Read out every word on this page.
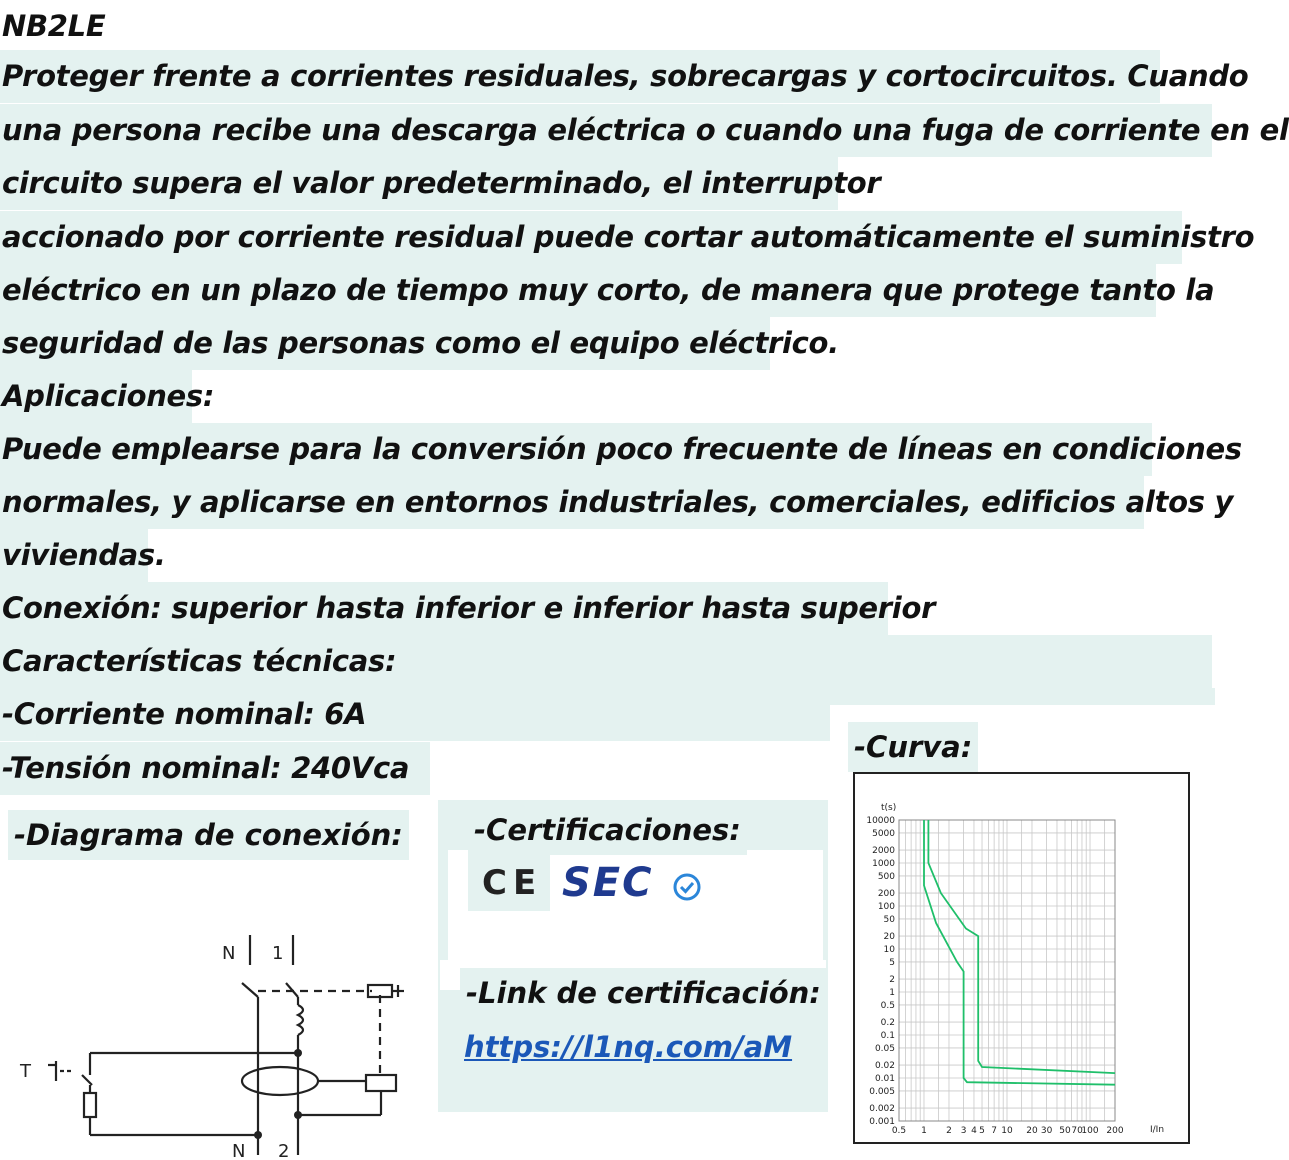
NB2LE

Proteger frente a corrientes residuales, sobrecargas y cortocircuitos. Cuando

una persona recibe una descarga eléctrica o cuando una fuga de corriente en el

circuito supera el valor predeterminado, el interruptor

accionado por corriente residual puede cortar automáticamente el suministro

eléctrico en un plazo de tiempo muy corto, de manera que protege tanto la

seguridad de las personas como el equipo eléctrico.

Aplicaciones:

Puede emplearse para la conversión poco frecuente de líneas en condiciones

normales, y aplicarse en entornos industriales, comerciales, edificios altos y

viviendas.

Conexión: superior hasta inferior e inferior hasta superior

Características técnicas:

-Corriente nominal: 6A

-Tensión nominal: 240Vca

-Curva:

-Certificaciones:

CE SEC

-Link de certificación:

https://l1nq.com/aM

-Diagrama de conexión:

N 1
T
N 2
10000
5000
2000
1000
500
200
100
50
20
10
5
2
1
0.5
0.2
0.1
0.05
0.02
0.01
0.005
0.002
0.001
0.5 1 2 3 4 5 7 10 20 30 50 70
100 200
t(s)
I/In
